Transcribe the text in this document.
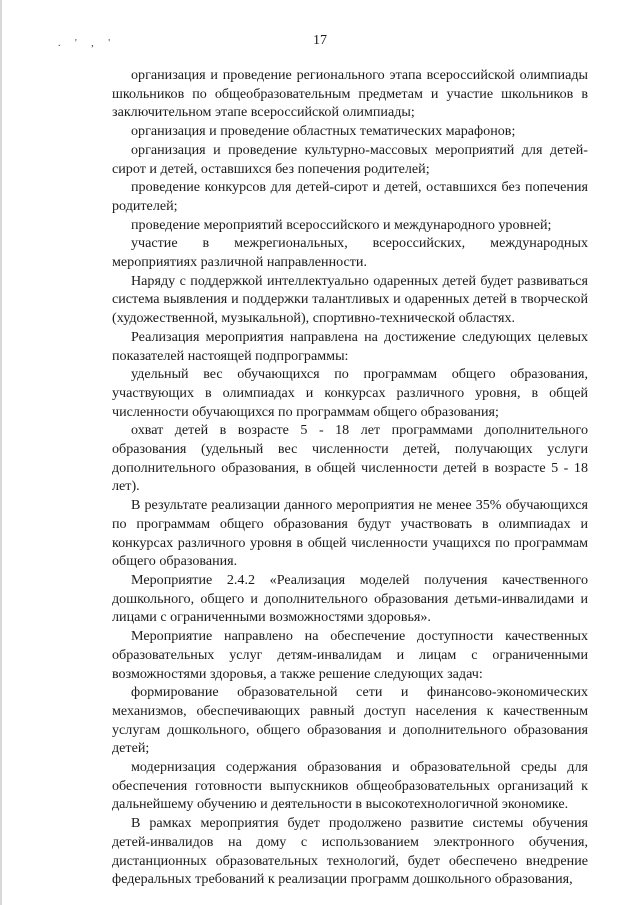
. ' , '	17

организация и проведение регионального этапа всероссийской олимпиады школьников по общеобразовательным предметам и участие школьников в заключительном этапе всероссийской олимпиады;

организация и проведение областных тематических марафонов;

организация и проведение культурно-массовых мероприятий для детей-сирот и детей, оставшихся без попечения родителей;

проведение конкурсов для детей-сирот и детей, оставшихся без попечения родителей;

проведение мероприятий всероссийского и международного уровней;

участие в межрегиональных, всероссийских, международных мероприятиях различной направленности.

Наряду с поддержкой интеллектуально одаренных детей будет развиваться система выявления и поддержки талантливых и одаренных детей в творческой (художественной, музыкальной), спортивно-технической областях.

Реализация мероприятия направлена на достижение следующих целевых показателей настоящей подпрограммы:

удельный вес обучающихся по программам общего образования, участвующих в олимпиадах и конкурсах различного уровня, в общей численности обучающихся по программам общего образования;

охват детей в возрасте 5 - 18 лет программами дополнительного образования (удельный вес численности детей, получающих услуги дополнительного образования, в общей численности детей в возрасте 5 - 18 лет).

В результате реализации данного мероприятия не менее 35% обучающихся по программам общего образования будут участвовать в олимпиадах и конкурсах различного уровня в общей численности учащихся по программам общего образования.

Мероприятие 2.4.2 «Реализация моделей получения качественного дошкольного, общего и дополнительного образования детьми-инвалидами и лицами с ограниченными возможностями здоровья».

Мероприятие направлено на обеспечение доступности качественных образовательных услуг детям-инвалидам и лицам с ограниченными возможностями здоровья, а также решение следующих задач:

формирование образовательной сети и финансово-экономических механизмов, обеспечивающих равный доступ населения к качественным услугам дошкольного, общего образования и дополнительного образования детей;

модернизация содержания образования и образовательной среды для обеспечения готовности выпускников общеобразовательных организаций к дальнейшему обучению и деятельности в высокотехнологичной экономике.

В рамках мероприятия будет продолжено развитие системы обучения детей-инвалидов на дому с использованием электронного обучения, дистанционных образовательных технологий, будет обеспечено внедрение федеральных требований к реализации программ дошкольного образования,
